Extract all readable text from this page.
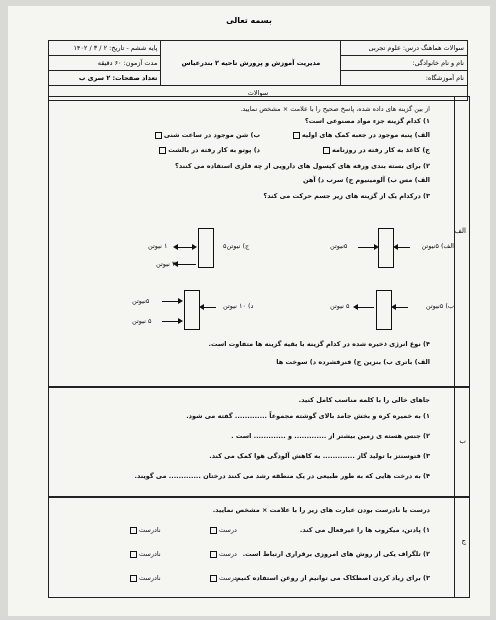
بسمه تعالی
سوالات هماهنگ درس: علوم تجربی	مدیریت آموزش و پرورش ناحیه ۲ بندرعباس	پایه ششم - تاریخ: ۲ / ۳ / ۱۴۰۲
نام و نام خانوادگی:		مدت آزمون: ۶۰ دقیقه
نام آموزشگاه:		تعداد صفحات: ۲ سری ب
سوالات		
الف
از بین گزینه های داده شده، پاسخ صحیح را با علامت × مشخص نمایید.
۱) کدام گزینه جزء مواد مصنوعی است؟
الف) پنبه موجود در جعبه کمک های اولیه
ب) شن موجود در ساعت شنی
ج) کاغذ به کار رفته در روزنامه
د) پوتو به کار رفته در بالشت
۲) برای بسته بندی ورقه های کپسول های دارویی از چه فلزی استفاده می کنند؟
الف) مس ب) آلومینیوم ج) سرب د) آهن
۳) درکدام یک از گزینه های زیر جسم حرکت می کند؟
الف) ۵نیوتن
۵نیوتن
ج) نیوتن۵
۱ نیوتن
۳ نیوتن
ب) ۵نیوتن
۵ نیوتن
د) ۱۰ نیوتن
۵نیوتن
۵ نیوتن
۴) نوع انرژی ذخیره شده در کدام گزینه با بقیه گزینه ها متفاوت است.
الف) باتری ب) بنزین ج) فنرفشرده د) سوخت ها
ب
جاهای خالی را با کلمه مناسب کامل کنید.
۱) به خمیره کره و بخش جامد بالای گوشته مجموعاً ............. گفته می شود.
۲) جنس هسته ی زمین بیشتر از ............. و ............. است .
۳) فتوسنتز با تولید گاز ............. به کاهش آلودگی هوا کمک می کند.
۴) به درخت هایی که به طور طبیعی در یک منطقه رشد می کنند درختان ............. می گویند.
ج
درست یا نادرست بودن عبارت های زیر را با علامت × مشخص نمایید.
۱) پادتن، میکروب ها را غیرفعال می کند.
درست
نادرست
۲) تلگراف یکی از روش های امروزی برقراری ارتباط است.
درست
نادرست
۳) برای زیاد کردن اصطکاک می توانیم از روغن استفاده کنیم.
درست
نادرست
